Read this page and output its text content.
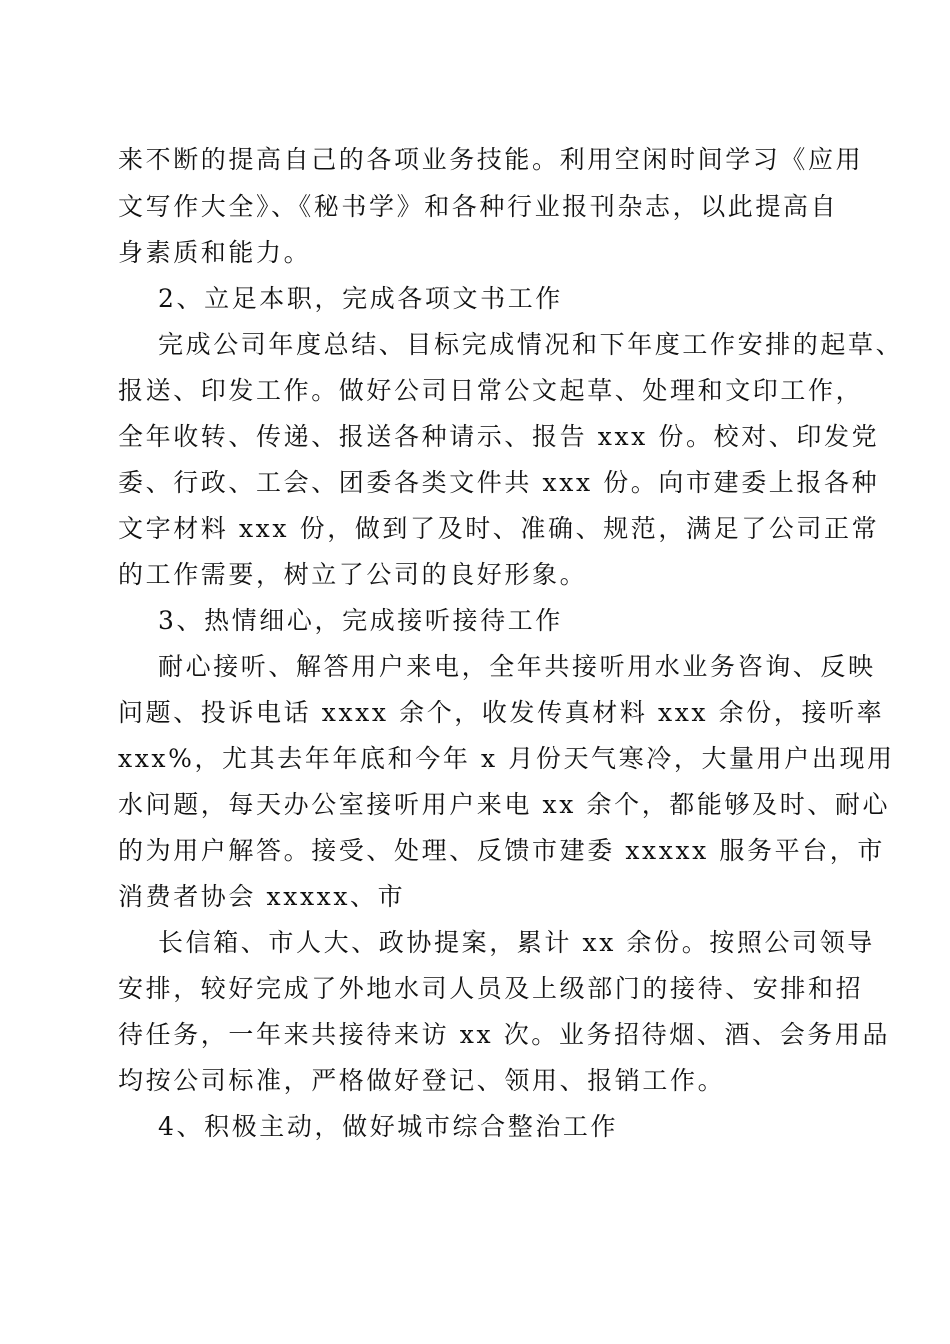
来不断的提高自己的各项业务技能。利用空闲时间学习《应用
文写作大全》、《秘书学》和各种行业报刊杂志，以此提高自
身素质和能力。
2、立足本职，完成各项文书工作
完成公司年度总结、目标完成情况和下年度工作安排的起草、
报送、印发工作。做好公司日常公文起草、处理和文印工作，
全年收转、传递、报送各种请示、报告 xxx 份。校对、印发党
委、行政、工会、团委各类文件共 xxx 份。向市建委上报各种
文字材料 xxx 份，做到了及时、准确、规范，满足了公司正常
的工作需要，树立了公司的良好形象。
3、热情细心，完成接听接待工作
耐心接听、解答用户来电，全年共接听用水业务咨询、反映
问题、投诉电话 xxxx 余个，收发传真材料 xxx 余份，接听率
xxx%，尤其去年年底和今年 x 月份天气寒冷，大量用户出现用
水问题，每天办公室接听用户来电 xx 余个，都能够及时、耐心
的为用户解答。接受、处理、反馈市建委 xxxxx 服务平台，市
消费者协会 xxxxx、市
长信箱、市人大、政协提案，累计 xx 余份。按照公司领导
安排，较好完成了外地水司人员及上级部门的接待、安排和招
待任务，一年来共接待来访 xx 次。业务招待烟、酒、会务用品
均按公司标准，严格做好登记、领用、报销工作。
4、积极主动，做好城市综合整治工作
